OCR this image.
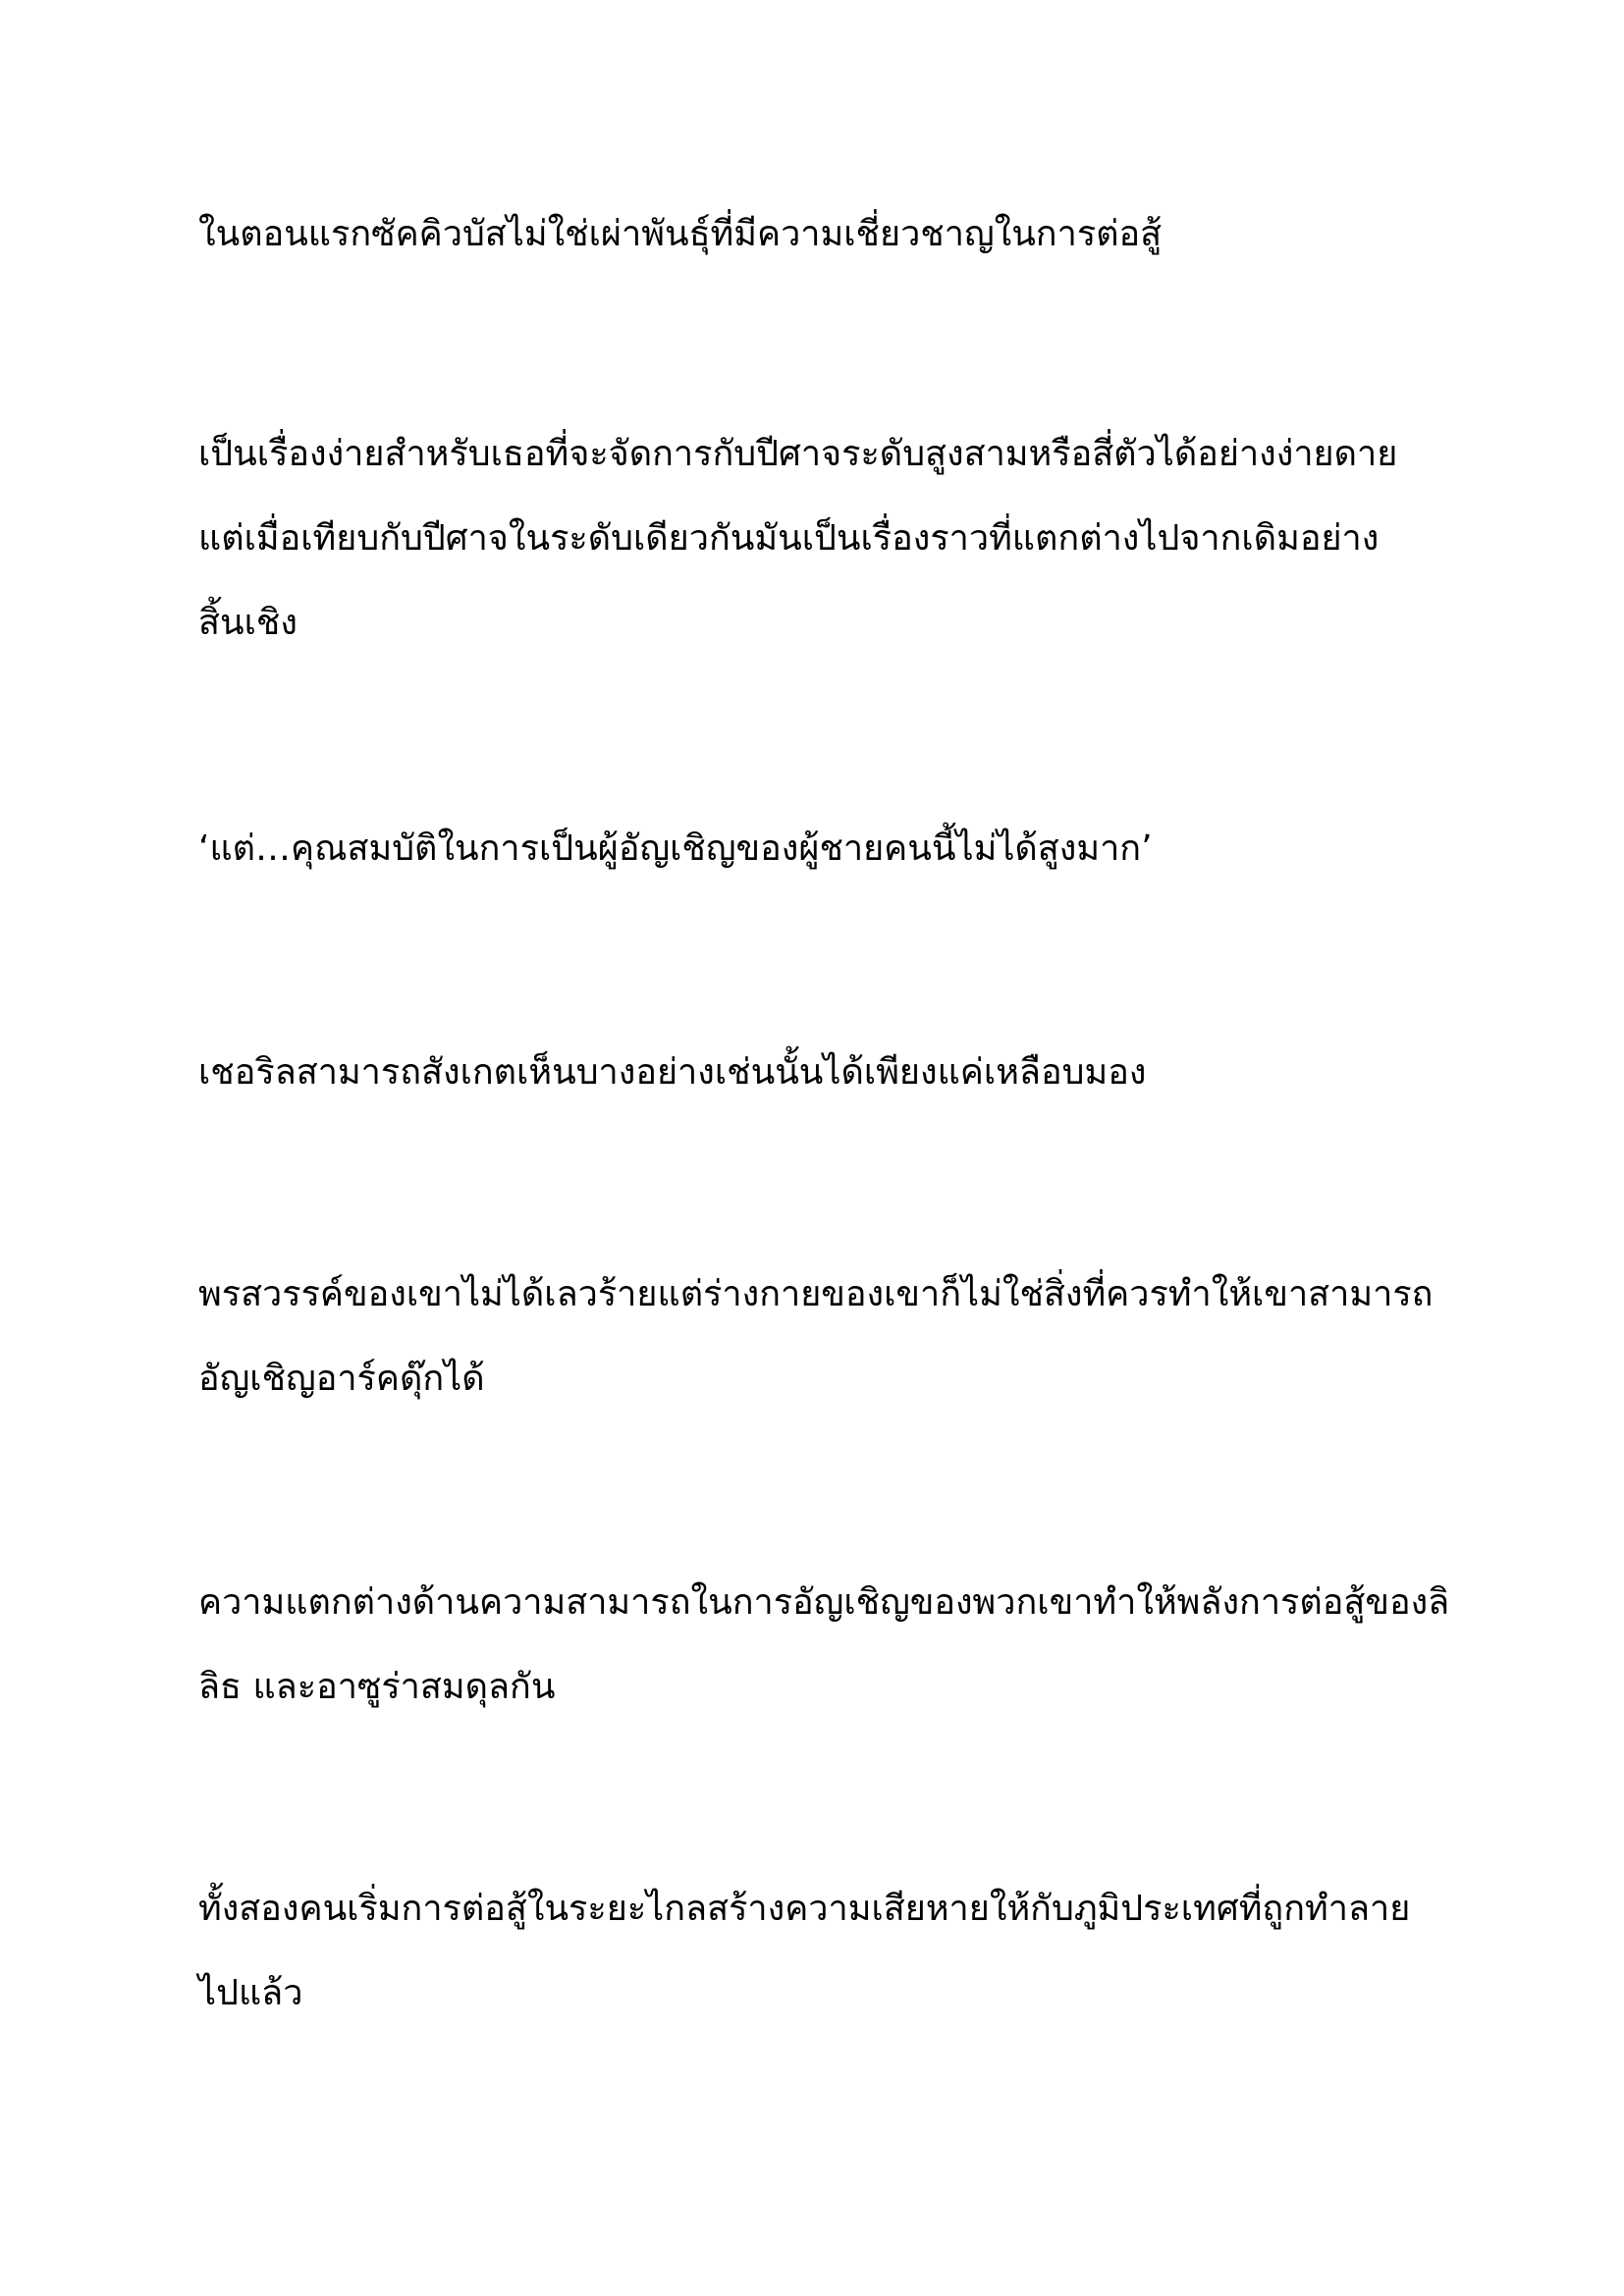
ในตอนแรกซัคคิวบัสไม่ใช่เผ่าพันธุ์ที่มีความเชี่ยวชาญในการต่อสู้

เป็นเรื่องง่ายสำหรับเธอที่จะจัดการกับปีศาจระดับสูงสามหรือสี่ตัวได้อย่างง่ายดาย
แต่เมื่อเทียบกับปีศาจในระดับเดียวกันมันเป็นเรื่องราวที่แตกต่างไปจากเดิมอย่าง
สิ้นเชิง

‘แต่…คุณสมบัติในการเป็นผู้อัญเชิญของผู้ชายคนนี้ไม่ได้สูงมาก’

เชอริลสามารถสังเกตเห็นบางอย่างเช่นนั้นได้เพียงแค่เหลือบมอง

พรสวรรค์ของเขาไม่ได้เลวร้ายแต่ร่างกายของเขาก็ไม่ใช่สิ่งที่ควรทำให้เขาสามารถ
อัญเชิญอาร์คดุ๊กได้

ความแตกต่างด้านความสามารถในการอัญเชิญของพวกเขาทำให้พลังการต่อสู้ของลิ
ลิธ และอาซูร่าสมดุลกัน

ทั้งสองคนเริ่มการต่อสู้ในระยะไกลสร้างความเสียหายให้กับภูมิประเทศที่ถูกทำลาย
ไปแล้ว
